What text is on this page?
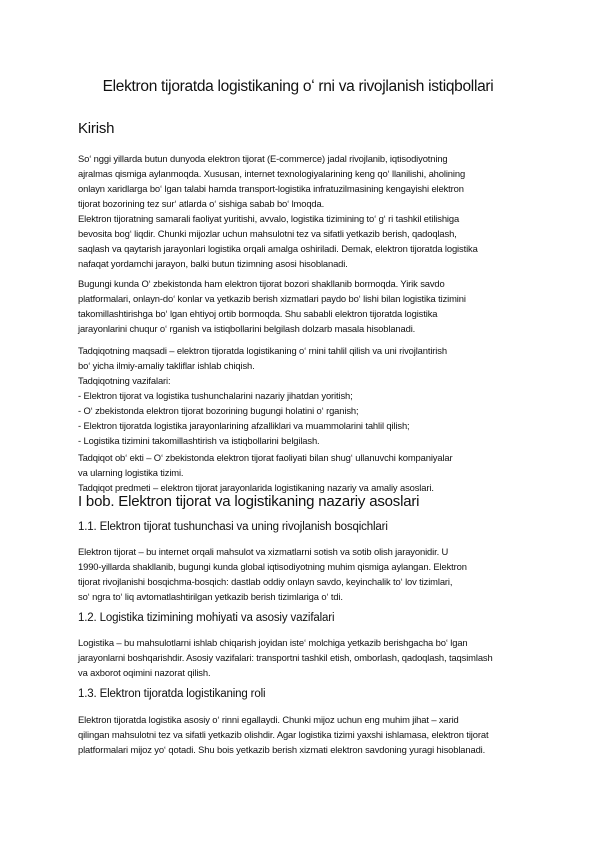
Elektron tijoratda logistikaning oʻ rni va rivojlanish istiqbollari
Kirish
Soʻ nggi yillarda butun dunyoda elektron tijorat (E-commerce) jadal rivojlanib, iqtisodiyotning
ajralmas qismiga aylanmoqda. Xususan, internet texnologiyalarining keng qoʻ llanilishi, aholining
onlayn xaridlarga boʻ lgan talabi hamda transport-logistika infratuzilmasining kengayishi elektron
tijorat bozorining tez surʻ atlarda oʻ sishiga sabab boʻ lmoqda.
Elektron tijoratning samarali faoliyat yuritishi, avvalo, logistika tizimining toʻ gʻ ri tashkil etilishiga
bevosita bogʻ liqdir. Chunki mijozlar uchun mahsulotni tez va sifatli yetkazib berish, qadoqlash,
saqlash va qaytarish jarayonlari logistika orqali amalga oshiriladi. Demak, elektron tijoratda logistika
nafaqat yordamchi jarayon, balki butun tizimning asosi hisoblanadi.
Bugungi kunda Oʻ zbekistonda ham elektron tijorat bozori shakllanib bormoqda. Yirik savdo
platformalari, onlayn-doʻ konlar va yetkazib berish xizmatlari paydo boʻ lishi bilan logistika tizimini
takomillashtirishga boʻ lgan ehtiyoj ortib bormoqda. Shu sababli elektron tijoratda logistika
jarayonlarini chuqur oʻ rganish va istiqbollarini belgilash dolzarb masala hisoblanadi.
Tadqiqotning maqsadi – elektron tijoratda logistikaning oʻ rnini tahlil qilish va uni rivojlantirish
boʻ yicha ilmiy-amaliy takliflar ishlab chiqish.
Tadqiqotning vazifalari:
- Elektron tijorat va logistika tushunchalarini nazariy jihatdan yoritish;
- Oʻ zbekistonda elektron tijorat bozorining bugungi holatini oʻ rganish;
- Elektron tijoratda logistika jarayonlarining afzalliklari va muammolarini tahlil qilish;
- Logistika tizimini takomillashtirish va istiqbollarini belgilash.
Tadqiqot obʻ ekti – Oʻ zbekistonda elektron tijorat faoliyati bilan shugʻ ullanuvchi kompaniyalar
va ularning logistika tizimi.
Tadqiqot predmeti – elektron tijorat jarayonlarida logistikaning nazariy va amaliy asoslari.
I bob. Elektron tijorat va logistikaning nazariy asoslari
1.1. Elektron tijorat tushunchasi va uning rivojlanish bosqichlari
Elektron tijorat – bu internet orqali mahsulot va xizmatlarni sotish va sotib olish jarayonidir. U
1990-yillarda shakllanib, bugungi kunda global iqtisodiyotning muhim qismiga aylangan. Elektron
tijorat rivojlanishi bosqichma-bosqich: dastlab oddiy onlayn savdo, keyinchalik toʻ lov tizimlari,
soʻ ngra toʻ liq avtomatlashtirilgan yetkazib berish tizimlariga oʻ tdi.
1.2. Logistika tizimining mohiyati va asosiy vazifalari
Logistika – bu mahsulotlarni ishlab chiqarish joyidan isteʻ molchiga yetkazib berishgacha boʻ lgan
jarayonlarni boshqarishdir. Asosiy vazifalari: transportni tashkil etish, omborlash, qadoqlash, taqsimlash
va axborot oqimini nazorat qilish.
1.3. Elektron tijoratda logistikaning roli
Elektron tijoratda logistika asosiy oʻ rinni egallaydi. Chunki mijoz uchun eng muhim jihat – xarid
qilingan mahsulotni tez va sifatli yetkazib olishdir. Agar logistika tizimi yaxshi ishlamasa, elektron tijorat
platformalari mijoz yoʻ qotadi. Shu bois yetkazib berish xizmati elektron savdoning yuragi hisoblanadi.
